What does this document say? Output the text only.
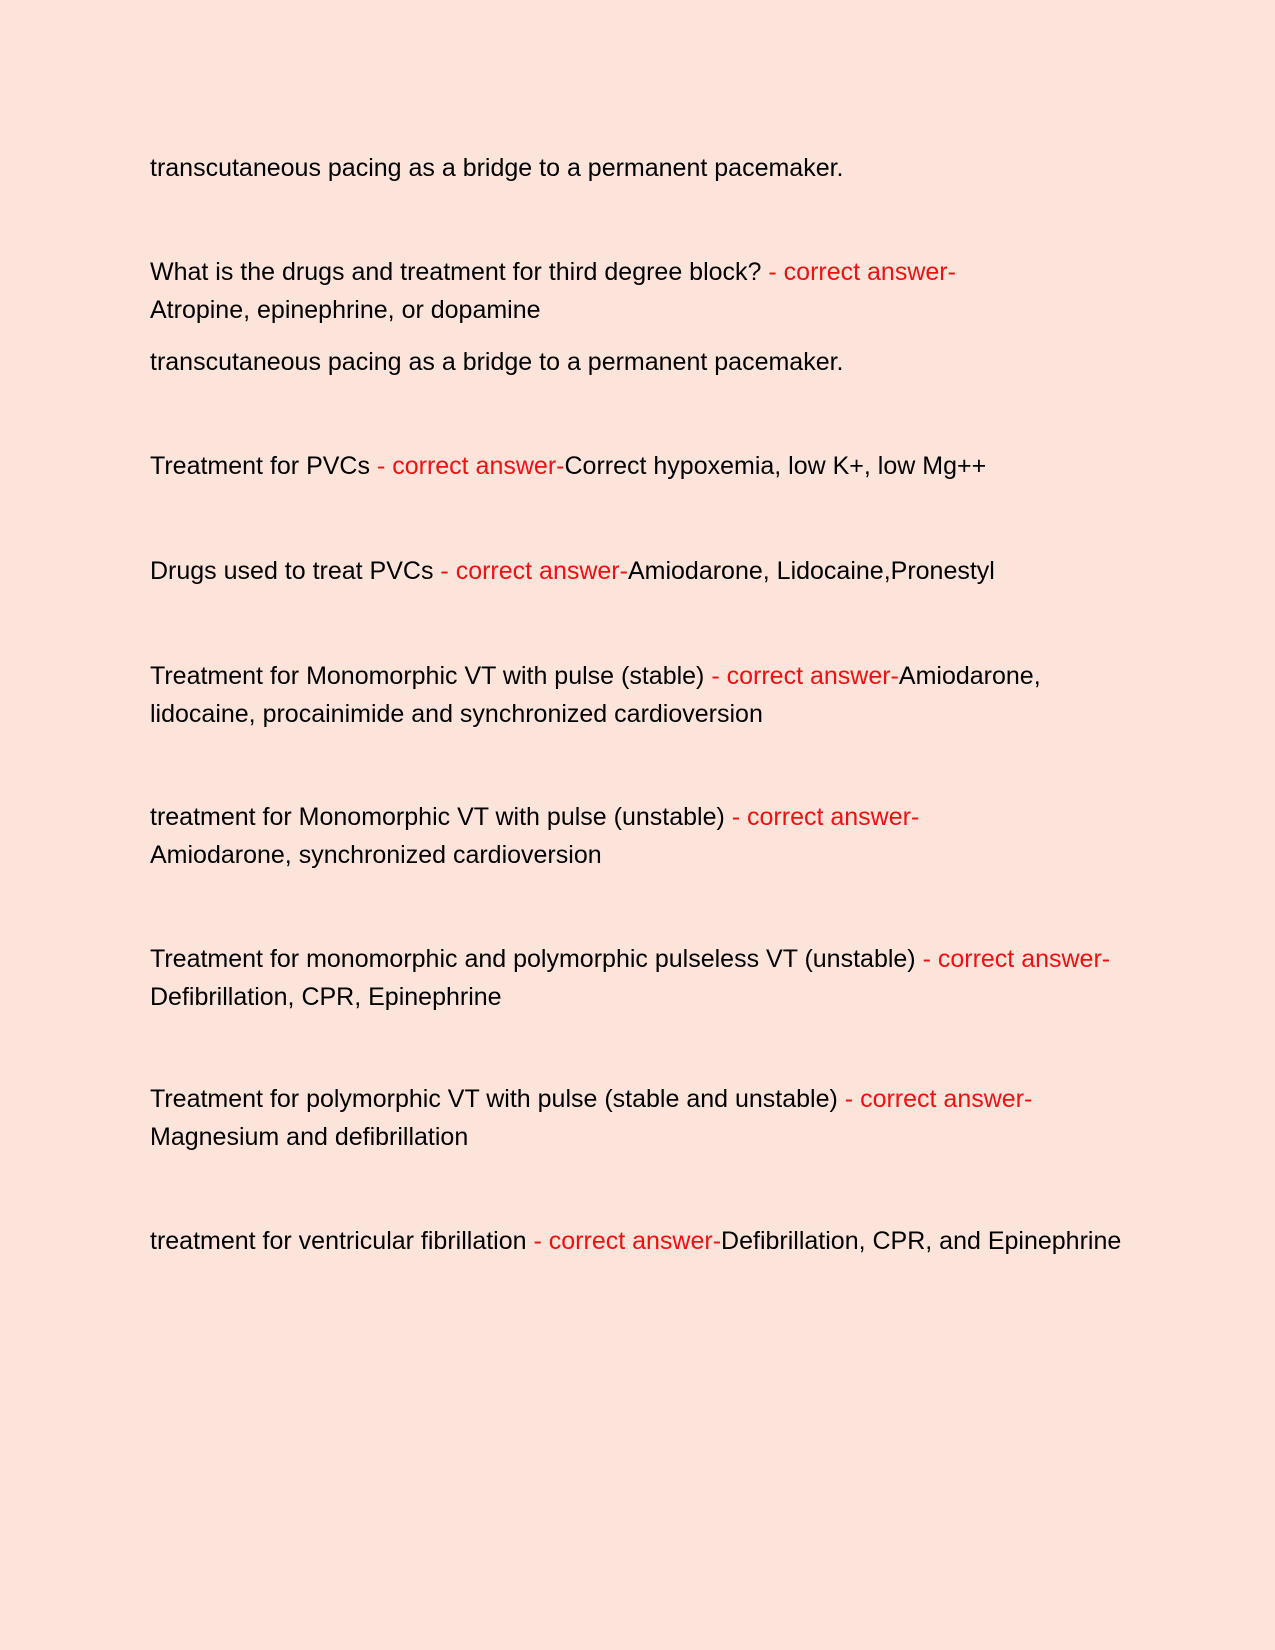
transcutaneous pacing as a bridge to a permanent pacemaker.

What is the drugs and treatment for third degree block? - correct answer-
Atropine, epinephrine, or dopamine

transcutaneous pacing as a bridge to a permanent pacemaker.

Treatment for PVCs - correct answer-Correct hypoxemia, low K+, low Mg++

Drugs used to treat PVCs - correct answer-Amiodarone, Lidocaine,Pronestyl

Treatment for Monomorphic VT with pulse (stable) - correct answer-Amiodarone, lidocaine, procainimide and synchronized cardioversion

treatment for Monomorphic VT with pulse (unstable) - correct answer-
Amiodarone, synchronized cardioversion

Treatment for monomorphic and polymorphic pulseless VT (unstable) - correct answer-Defibrillation, CPR, Epinephrine

Treatment for polymorphic VT with pulse (stable and unstable) - correct answer-
Magnesium and defibrillation

treatment for ventricular fibrillation - correct answer-Defibrillation, CPR, and Epinephrine
